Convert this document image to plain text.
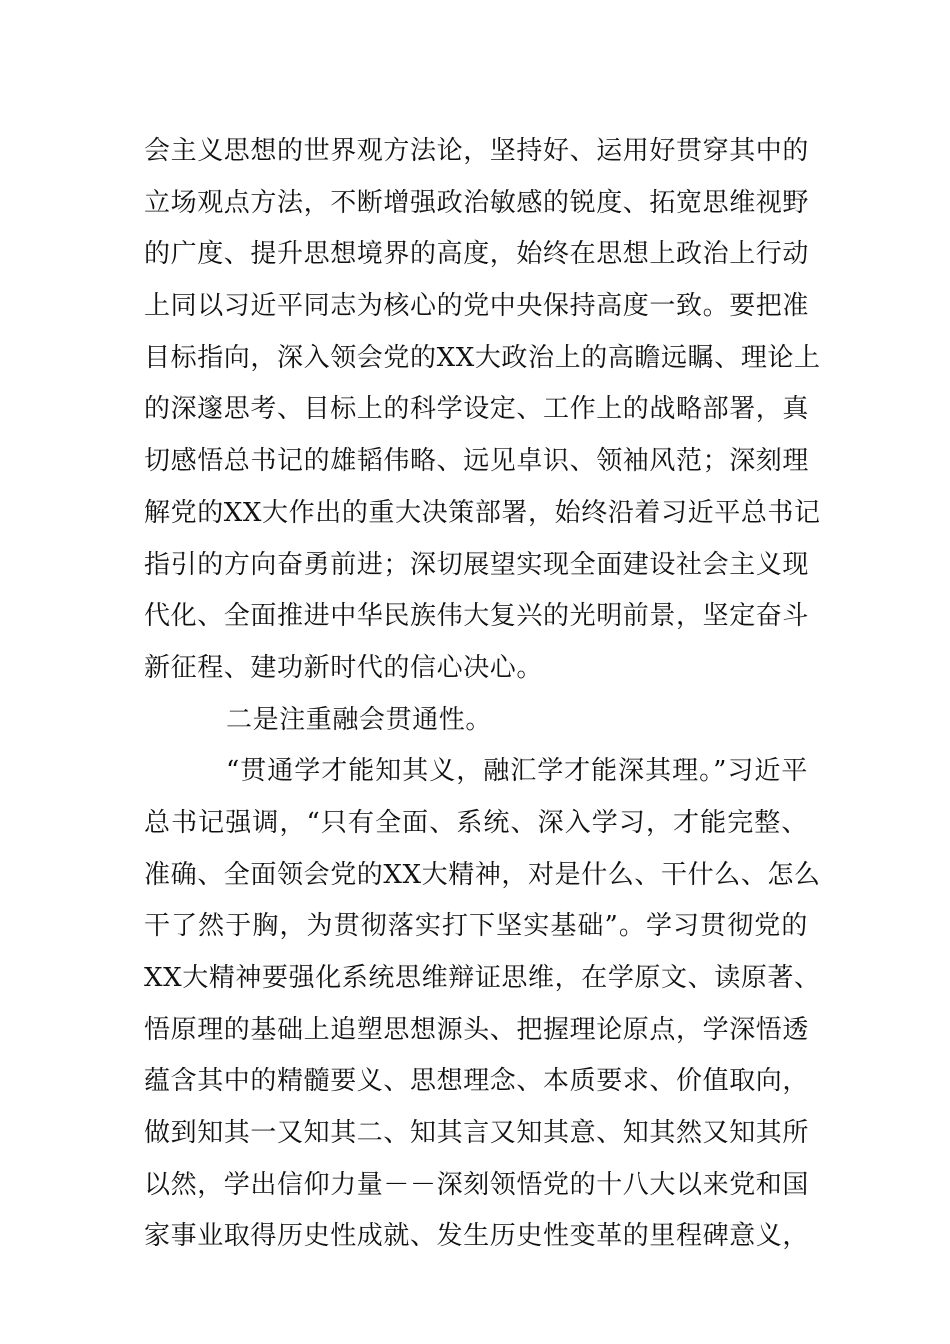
会主义思想的世界观方法论，坚持好、运用好贯穿其中的
立场观点方法，不断增强政治敏感的锐度、拓宽思维视野
的广度、提升思想境界的高度，始终在思想上政治上行动
上同以习近平同志为核心的党中央保持高度一致。要把准
目标指向，深入领会党的XX大政治上的高瞻远瞩、理论上
的深邃思考、目标上的科学设定、工作上的战略部署，真
切感悟总书记的雄韬伟略、远见卓识、领袖风范；深刻理
解党的XX大作出的重大决策部署，始终沿着习近平总书记
指引的方向奋勇前进；深切展望实现全面建设社会主义现
代化、全面推进中华民族伟大复兴的光明前景，坚定奋斗
新征程、建功新时代的信心决心。
二是注重融会贯通性。
“贯通学才能知其义，融汇学才能深其理。”习近平
总书记强调，“只有全面、系统、深入学习，才能完整、
准确、全面领会党的XX大精神，对是什么、干什么、怎么
干了然于胸，为贯彻落实打下坚实基础”。学习贯彻党的
XX大精神要强化系统思维辩证思维，在学原文、读原著、
悟原理的基础上追塑思想源头、把握理论原点，学深悟透
蕴含其中的精髓要义、思想理念、本质要求、价值取向，
做到知其一又知其二、知其言又知其意、知其然又知其所
以然，学出信仰力量－－深刻领悟党的十八大以来党和国
家事业取得历史性成就、发生历史性变革的里程碑意义，
